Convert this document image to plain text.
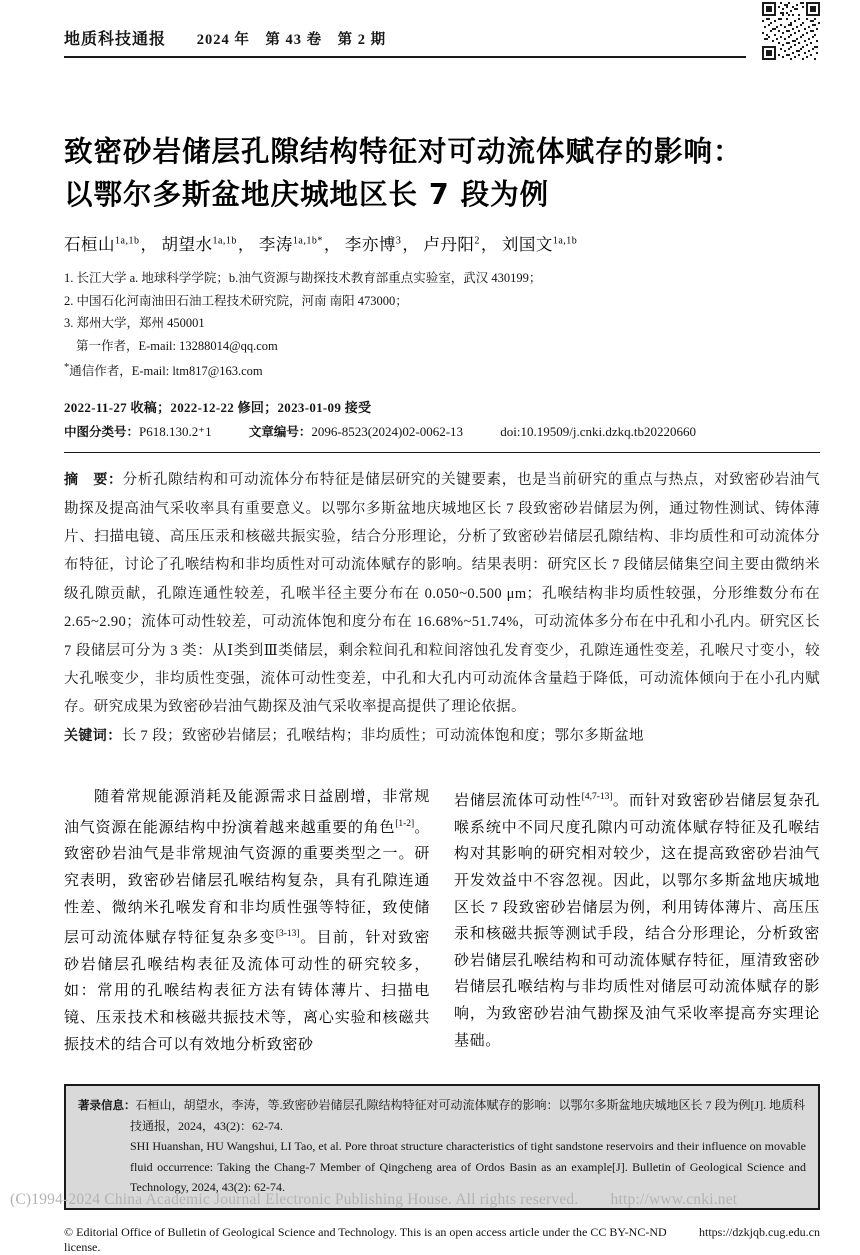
地质科技通报 2024 年　第 43 卷　第 2 期
致密砂岩储层孔隙结构特征对可动流体赋存的影响：
以鄂尔多斯盆地庆城地区长 7 段为例
石桓山$^{1a,1b}$， 胡望水$^{1a,1b}$， 李涛$^{1a,1b*}$， 李亦博$^3$， 卢丹阳$^2$， 刘国文$^{1a,1b}$
1. 长江大学 a. 地球科学学院；b.油气资源与勘探技术教育部重点实验室，武汉 430199；
2. 中国石化河南油田石油工程技术研究院，河南 南阳 473000；
3. 郑州大学，郑州 450001
第一作者，E-mail: 13288014@qq.com
*通信作者，E-mail: ltm817@163.com
2022-11-27 收稿；2022-12-22 修回；2023-01-09 接受
中图分类号：P618.130.2⁺1	文章编号：2096-8523(2024)02-0062-13	doi:10.19509/j.cnki.dzkq.tb20220660

摘　要：分析孔隙结构和可动流体分布特征是储层研究的关键要素，也是当前研究的重点与热点，对致密砂岩油气勘探及提高油气采收率具有重要意义。以鄂尔多斯盆地庆城地区长 7 段致密砂岩储层为例，通过物性测试、铸体薄片、扫描电镜、高压压汞和核磁共振实验，结合分形理论，分析了致密砂岩储层孔隙结构、非均质性和可动流体分布特征，讨论了孔喉结构和非均质性对可动流体赋存的影响。结果表明：研究区长 7 段储层储集空间主要由微纳米级孔隙贡献，孔隙连通性较差，孔喉半径主要分布在 0.050~0.500 μm；孔喉结构非均质性较强，分形维数分布在 2.65~2.90；流体可动性较差，可动流体饱和度分布在 16.68%~51.74%，可动流体多分布在中孔和小孔内。研究区长 7 段储层可分为 3 类：从Ⅰ类到Ⅲ类储层，剩余粒间孔和粒间溶蚀孔发育变少，孔隙连通性变差，孔喉尺寸变小，较大孔喉变少，非均质性变强，流体可动性变差，中孔和大孔内可动流体含量趋于降低，可动流体倾向于在小孔内赋存。研究成果为致密砂岩油气勘探及油气采收率提高提供了理论依据。

关键词：长 7 段；致密砂岩储层；孔喉结构；非均质性；可动流体饱和度；鄂尔多斯盆地

随着常规能源消耗及能源需求日益剧增，非常规油气资源在能源结构中扮演着越来越重要的角色[1-2]。致密砂岩油气是非常规油气资源的重要类型之一。研究表明，致密砂岩储层孔喉结构复杂，具有孔隙连通性差、微纳米孔喉发育和非均质性强等特征，致使储层可动流体赋存特征复杂多变[3-13]。目前，针对致密砂岩储层孔喉结构表征及流体可动性的研究较多，如：常用的孔喉结构表征方法有铸体薄片、扫描电镜、压汞技术和核磁共振技术等，离心实验和核磁共振技术的结合可以有效地分析致密砂

岩储层流体可动性[4,7-13]。而针对致密砂岩储层复杂孔喉系统中不同尺度孔隙内可动流体赋存特征及孔喉结构对其影响的研究相对较少，这在提高致密砂岩油气开发效益中不容忽视。因此，以鄂尔多斯盆地庆城地区长 7 段致密砂岩储层为例，利用铸体薄片、高压压汞和核磁共振等测试手段，结合分形理论，分析致密砂岩储层孔喉结构和可动流体赋存特征，厘清致密砂岩储层孔喉结构与非均质性对储层可动流体赋存的影响，为致密砂岩油气勘探及油气采收率提高夯实理论基础。

著录信息：石桓山，胡望水，李涛，等.致密砂岩储层孔隙结构特征对可动流体赋存的影响：以鄂尔多斯盆地庆城地区长 7 段为例[J]. 地质科技通报，2024，43(2)：62-74.

SHI Huanshan, HU Wangshui, LI Tao, et al. Pore throat structure characteristics of tight sandstone reservoirs and their influence on movable fluid occurrence: Taking the Chang-7 Member of Qingcheng area of Ordos Basin as an example[J]. Bulletin of Geological Science and Technology, 2024, 43(2): 62-74.

© Editorial Office of Bulletin of Geological Science and Technology. This is an open access article under the CC BY-NC-ND license.
https://dzkjqb.cug.edu.cn
(C)1994-2024 China Academic Journal Electronic Publishing House. All rights reserved. http://www.cnki.net
